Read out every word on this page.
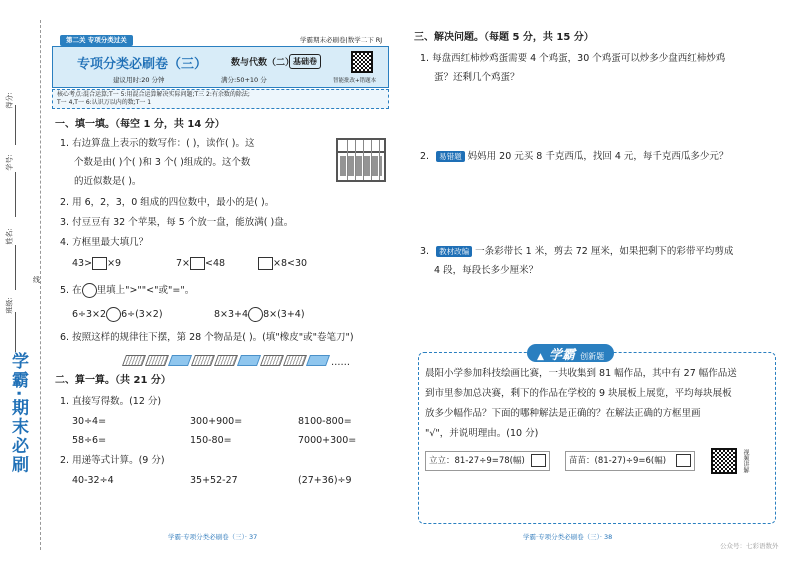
得分:
学号:
姓名:
线
班级:
学霸·期末必刷
第二关 专项分类过关	学霸期末必刷卷|数学二下 RJ
专项分类必刷卷（三）	数与代数（二）
基础卷
建议用时:20 分钟	满分:50+10 分	智能批改+错题本
核心考点:混合运算;T一 5:用混合运算解决实际问题;T三 2:有余数的除法;
T一 4,T一 6:认识万以内的数;T一 1
一、填一填。（每空 1 分，共 14 分）
1. 右边算盘上表示的数写作：( )，读作( )。这
个数是由( )个( )和 3 个( )组成的。这个数
的近似数是( )。
2. 用 6，2，3，0 组成的四位数中，最小的是( )。
3. 付豆豆有 32 个苹果，每 5 个放一盘，能放满( )盘。
4. 方框里最大填几？
43> ×9	7× <48	×8<30
5. 在 里填上">""<"或"="。
6÷3×2 6÷(3×2)	8×3+4 8×(3+4)
6. 按照这样的规律往下摆，第 28 个物品是( )。(填"橡皮"或"卷笔刀")
……
二、算一算。（共 21 分）
1. 直接写得数。(12 分)
30÷4=	300+900=	8100-800=
58÷6=	150-80=	7000+300=
2. 用递等式计算。(9 分)
40-32÷4	35+52-27	(27+36)÷9
学霸·专项分类必刷卷（三）· 37
三、解决问题。（每题 5 分，共 15 分）
1. 每盘西红柿炒鸡蛋需要 4 个鸡蛋，30 个鸡蛋可以炒多少盘西红柿炒鸡
蛋？还剩几个鸡蛋？
2. 易错题 妈妈用 20 元买 8 千克西瓜，找回 4 元，每千克西瓜多少元？
3. 教材改编 一条彩带长 1 米，剪去 72 厘米，如果把剩下的彩带平均剪成
4 段，每段长多少厘米？
▲ 学霸 创新题
晨阳小学参加科技绘画比赛，一共收集到 81 幅作品，其中有 27 幅作品送
到市里参加总决赛，剩下的作品在学校的 9 块展板上展览，平均每块展板
放多少幅作品？下面的哪种解法是正确的？在解法正确的方框里画
"√"，并说明理由。(10 分)
立立：81-27÷9=78(幅)	苗苗：(81-27)÷9=6(幅)	视频讲解
学霸·专项分类必刷卷（三）· 38
公众号：七彩语数外
